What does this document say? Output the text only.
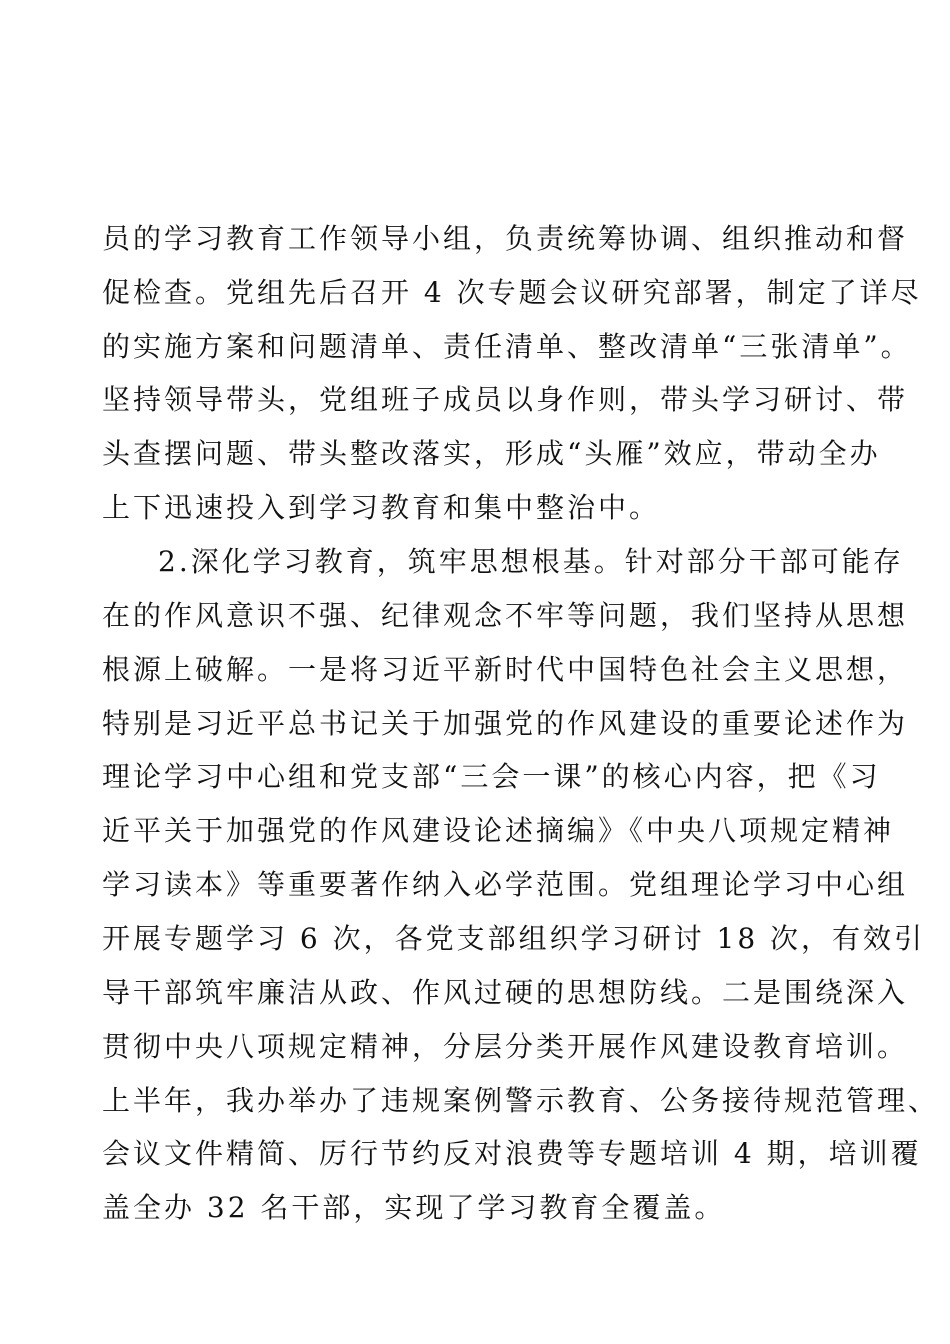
员的学习教育工作领导小组，负责统筹协调、组织推动和督

促检查。党组先后召开 4 次专题会议研究部署，制定了详尽

的实施方案和问题清单、责任清单、整改清单“三张清单”。

坚持领导带头，党组班子成员以身作则，带头学习研讨、带

头查摆问题、带头整改落实，形成“头雁”效应，带动全办

上下迅速投入到学习教育和集中整治中。

2.深化学习教育，筑牢思想根基。针对部分干部可能存

在的作风意识不强、纪律观念不牢等问题，我们坚持从思想

根源上破解。一是将习近平新时代中国特色社会主义思想，

特别是习近平总书记关于加强党的作风建设的重要论述作为

理论学习中心组和党支部“三会一课”的核心内容，把《习

近平关于加强党的作风建设论述摘编》《中央八项规定精神

学习读本》等重要著作纳入必学范围。党组理论学习中心组

开展专题学习 6 次，各党支部组织学习研讨 18 次，有效引

导干部筑牢廉洁从政、作风过硬的思想防线。二是围绕深入

贯彻中央八项规定精神，分层分类开展作风建设教育培训。

上半年，我办举办了违规案例警示教育、公务接待规范管理、

会议文件精简、厉行节约反对浪费等专题培训 4 期，培训覆

盖全办 32 名干部，实现了学习教育全覆盖。
